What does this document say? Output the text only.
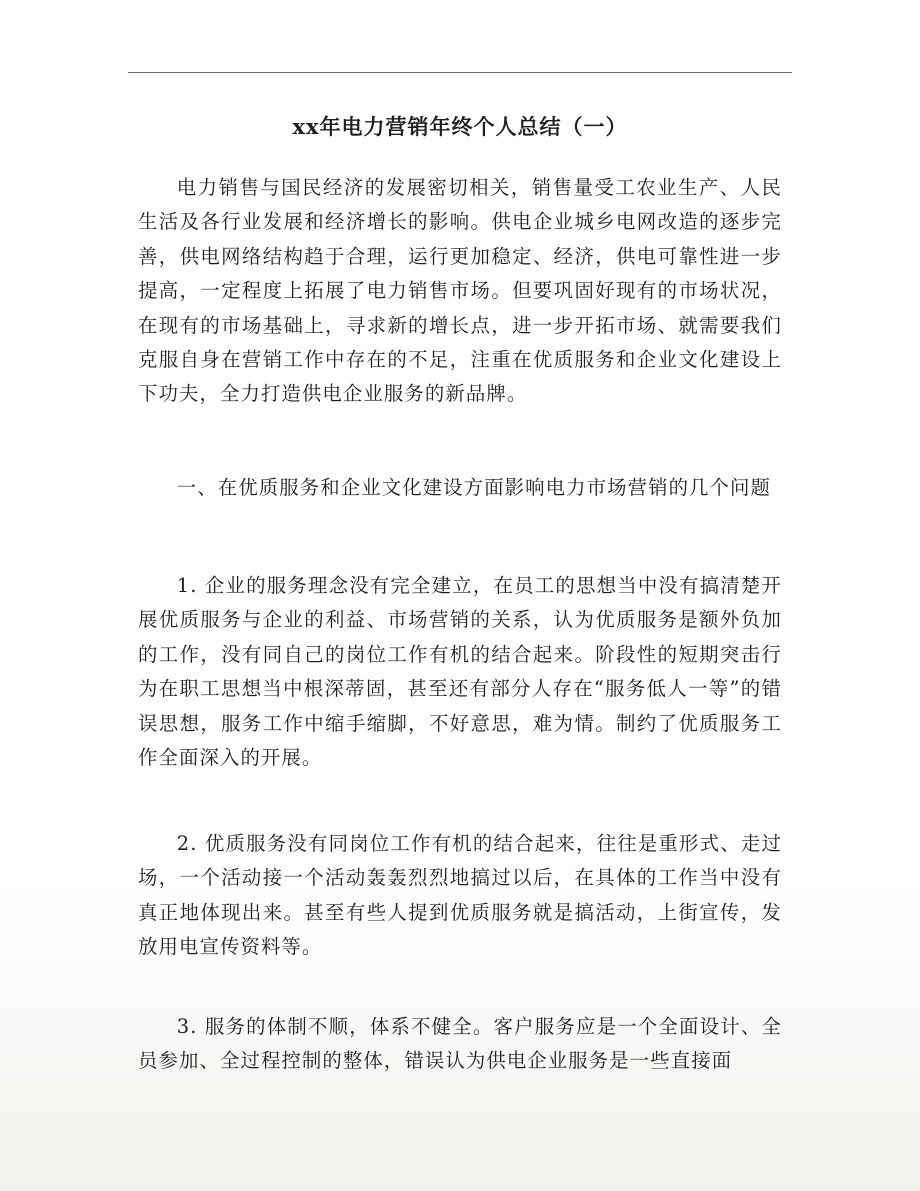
xx年电力营销年终个人总结（一）

电力销售与国民经济的发展密切相关，销售量受工农业生产、人民生活及各行业发展和经济增长的影响。供电企业城乡电网改造的逐步完善，供电网络结构趋于合理，运行更加稳定、经济，供电可靠性进一步提高，一定程度上拓展了电力销售市场。但要巩固好现有的市场状况，在现有的市场基础上，寻求新的增长点，进一步开拓市场、就需要我们克服自身在营销工作中存在的不足，注重在优质服务和企业文化建设上下功夫，全力打造供电企业服务的新品牌。

一、在优质服务和企业文化建设方面影响电力市场营销的几个问题

1. 企业的服务理念没有完全建立，在员工的思想当中没有搞清楚开展优质服务与企业的利益、市场营销的关系，认为优质服务是额外负加的工作，没有同自己的岗位工作有机的结合起来。阶段性的短期突击行为在职工思想当中根深蒂固，甚至还有部分人存在“服务低人一等”的错误思想，服务工作中缩手缩脚，不好意思，难为情。制约了优质服务工作全面深入的开展。

2. 优质服务没有同岗位工作有机的结合起来，往往是重形式、走过场，一个活动接一个活动轰轰烈烈地搞过以后，在具体的工作当中没有真正地体现出来。甚至有些人提到优质服务就是搞活动，上街宣传，发放用电宣传资料等。

3. 服务的体制不顺，体系不健全。客户服务应是一个全面设计、全员参加、全过程控制的整体，错误认为供电企业服务是一些直接面
